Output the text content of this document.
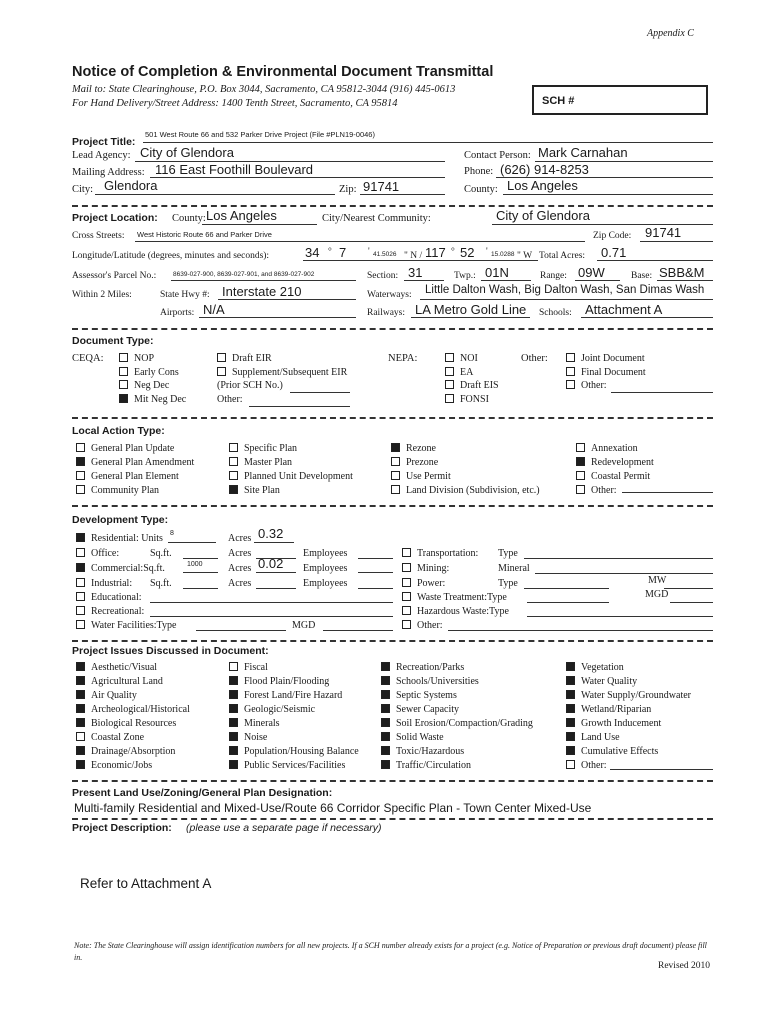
Appendix C
Notice of Completion & Environmental Document Transmittal
Mail to: State Clearinghouse, P.O. Box 3044, Sacramento, CA 95812-3044 (916) 445-0613
For Hand Delivery/Street Address: 1400 Tenth Street, Sacramento, CA 95814	SCH #
Project Title:
501 West Route 66 and 532 Parker Drive Project (File #PLN19-0046)
Lead Agency: City of Glendora	Contact Person: Mark Carnahan
Mailing Address: 116 East Foothill Boulevard	Phone: (626) 914-8253
City: Glendora	Zip: 91741	County: Los Angeles
Project Location: County: Los Angeles	City/Nearest Community:	City of Glendora
Cross Streets: West Historic Route 66 and Parker Drive	Zip Code: 91741
Longitude/Latitude (degrees, minutes and seconds):	34 ° 7 ' 41.5026 " N / 117 ° 52 ' 15.0288 " W Total Acres: 0.71
Assessor's Parcel No.:	8639-027-900, 8639-027-901, and 8639-027-902	Section: 31	Twp.: 01N	Range: 09W	Base: SBB&M
Within 2 Miles:	State Hwy #: Interstate 210	Waterways: Little Dalton Wash, Big Dalton Wash, San Dimas Wash
Airports: N/A	Railways: LA Metro Gold Line Schools: Attachment A
Document Type:
CEQA:	NOP
Early Cons
Neg Dec
Mit Neg Dec
Draft EIR
Supplement/Subsequent EIR
(Prior SCH No.)
Other:
NEPA:	NOI
EA
Draft EIS
FONSI
Other:	Joint Document
Final Document
Other:
Local Action Type:
General Plan Update
General Plan Amendment
General Plan Element
Community Plan
Specific Plan
Master Plan
Planned Unit Development
Site Plan
Rezone
Prezone
Use Permit
Land Division (Subdivision, etc.)
Annexation
Redevelopment
Coastal Permit
Other:
Development Type:
Residential: Units 8	Acres 0.32
Office:	Sq.ft.	Acres	Employees
Commercial:Sq.ft.	1000	Acres 0.02 Employees
Industrial: Sq.ft.	Acres	Employees
Educational:
Recreational:
Water Facilities:Type	MGD
Transportation: Type
Mining:	Mineral
Power:	Type	MW
Waste Treatment:Type	MGD
Hazardous Waste:Type
Other:
Project Issues Discussed in Document:
Aesthetic/Visual
Agricultural Land
Air Quality
Archeological/Historical
Biological Resources
Coastal Zone
Drainage/Absorption
Economic/Jobs
Fiscal
Flood Plain/Flooding
Forest Land/Fire Hazard
Geologic/Seismic
Minerals
Noise
Population/Housing Balance
Public Services/Facilities
Recreation/Parks
Schools/Universities
Septic Systems
Sewer Capacity
Soil Erosion/Compaction/Grading
Solid Waste
Toxic/Hazardous
Traffic/Circulation
Vegetation
Water Quality
Water Supply/Groundwater
Wetland/Riparian
Growth Inducement
Land Use
Cumulative Effects
Other:
Present Land Use/Zoning/General Plan Designation:
Multi-family Residential and Mixed-Use/Route 66 Corridor Specific Plan - Town Center Mixed-Use
Project Description: (please use a separate page if necessary)
Refer to Attachment A
Note: The State Clearinghouse will assign identification numbers for all new projects. If a SCH number already exists for a project (e.g. Notice of Preparation or previous draft document) please fill in.
Revised 2010
